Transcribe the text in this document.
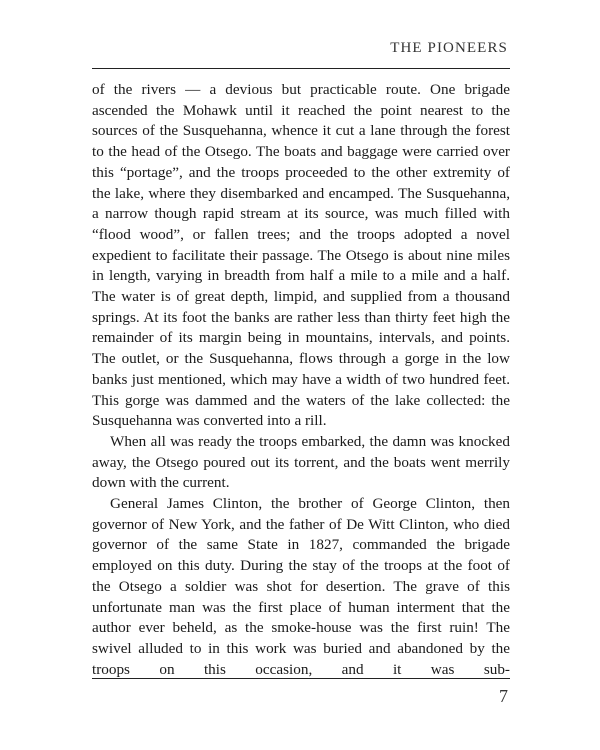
THE PIONEERS

of the rivers — a devious but practicable route. One brigade ascended the Mohawk until it reached the point nearest to the sources of the Susquehanna, whence it cut a lane through the forest to the head of the Otsego. The boats and baggage were carried over this “portage”, and the troops proceeded to the other extremity of the lake, where they disembarked and encamped. The Susquehanna, a narrow though rapid stream at its source, was much filled with “flood wood”, or fallen trees; and the troops adopted a novel expedient to facilitate their passage. The Otsego is about nine miles in length, varying in breadth from half a mile to a mile and a half. The water is of great depth, limpid, and supplied from a thousand springs. At its foot the banks are rather less than thirty feet high the remainder of its margin being in mountains, intervals, and points. The outlet, or the Susquehanna, flows through a gorge in the low banks just mentioned, which may have a width of two hundred feet. This gorge was dammed and the waters of the lake collected: the Susquehanna was converted into a rill.

When all was ready the troops embarked, the damn was knocked away, the Otsego poured out its torrent, and the boats went merrily down with the current.

General James Clinton, the brother of George Clinton, then governor of New York, and the father of De Witt Clinton, who died governor of the same State in 1827, commanded the brigade employed on this duty. During the stay of the troops at the foot of the Otsego a soldier was shot for desertion. The grave of this unfortunate man was the first place of human interment that the author ever beheld, as the smoke-house was the first ruin! The swivel alluded to in this work was buried and abandoned by the troops on this occasion, and it was sub-

7
